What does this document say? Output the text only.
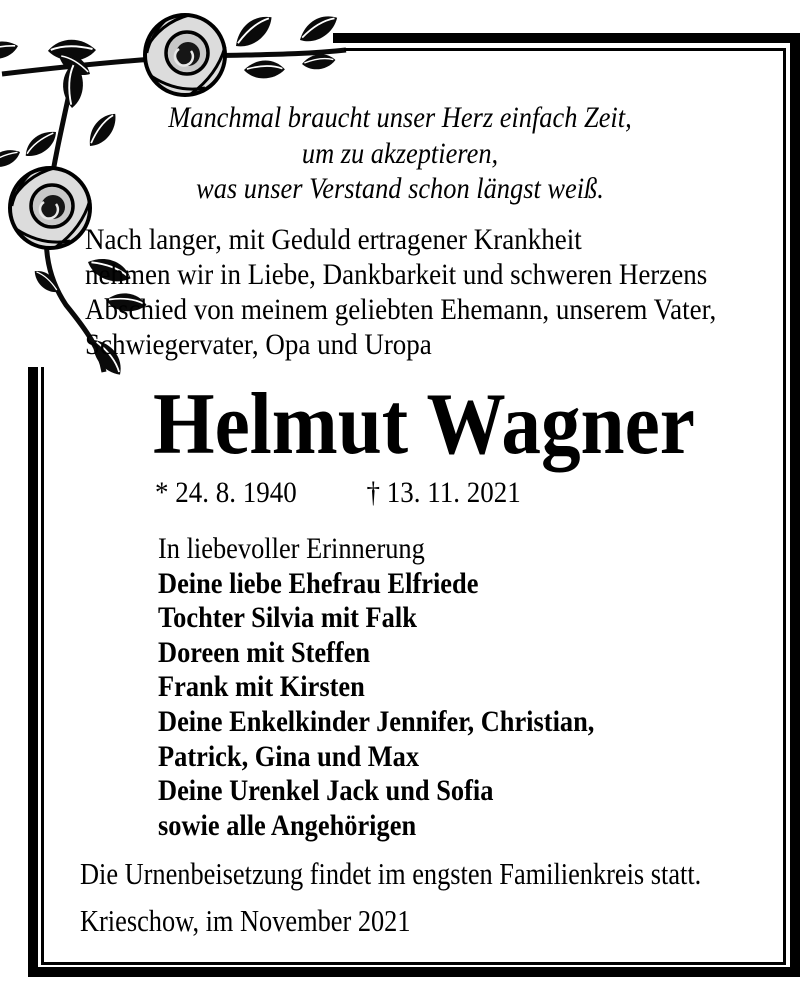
Manchmal braucht unser Herz einfach Zeit,
um zu akzeptieren,
was unser Verstand schon längst weiß.
Nach langer, mit Geduld ertragener Krankheit
nehmen wir in Liebe, Dankbarkeit und schweren Herzens
Abschied von meinem geliebten Ehemann, unserem Vater,
Schwiegervater, Opa und Uropa
Helmut Wagner
* 24. 8. 1940 † 13. 11. 2021
In liebevoller Erinnerung
Deine liebe Ehefrau Elfriede
Tochter Silvia mit Falk
Doreen mit Steffen
Frank mit Kirsten
Deine Enkelkinder Jennifer, Christian,
Patrick, Gina und Max
Deine Urenkel Jack und Sofia
sowie alle Angehörigen
Die Urnenbeisetzung findet im engsten Familienkreis statt.
Krieschow, im November 2021
